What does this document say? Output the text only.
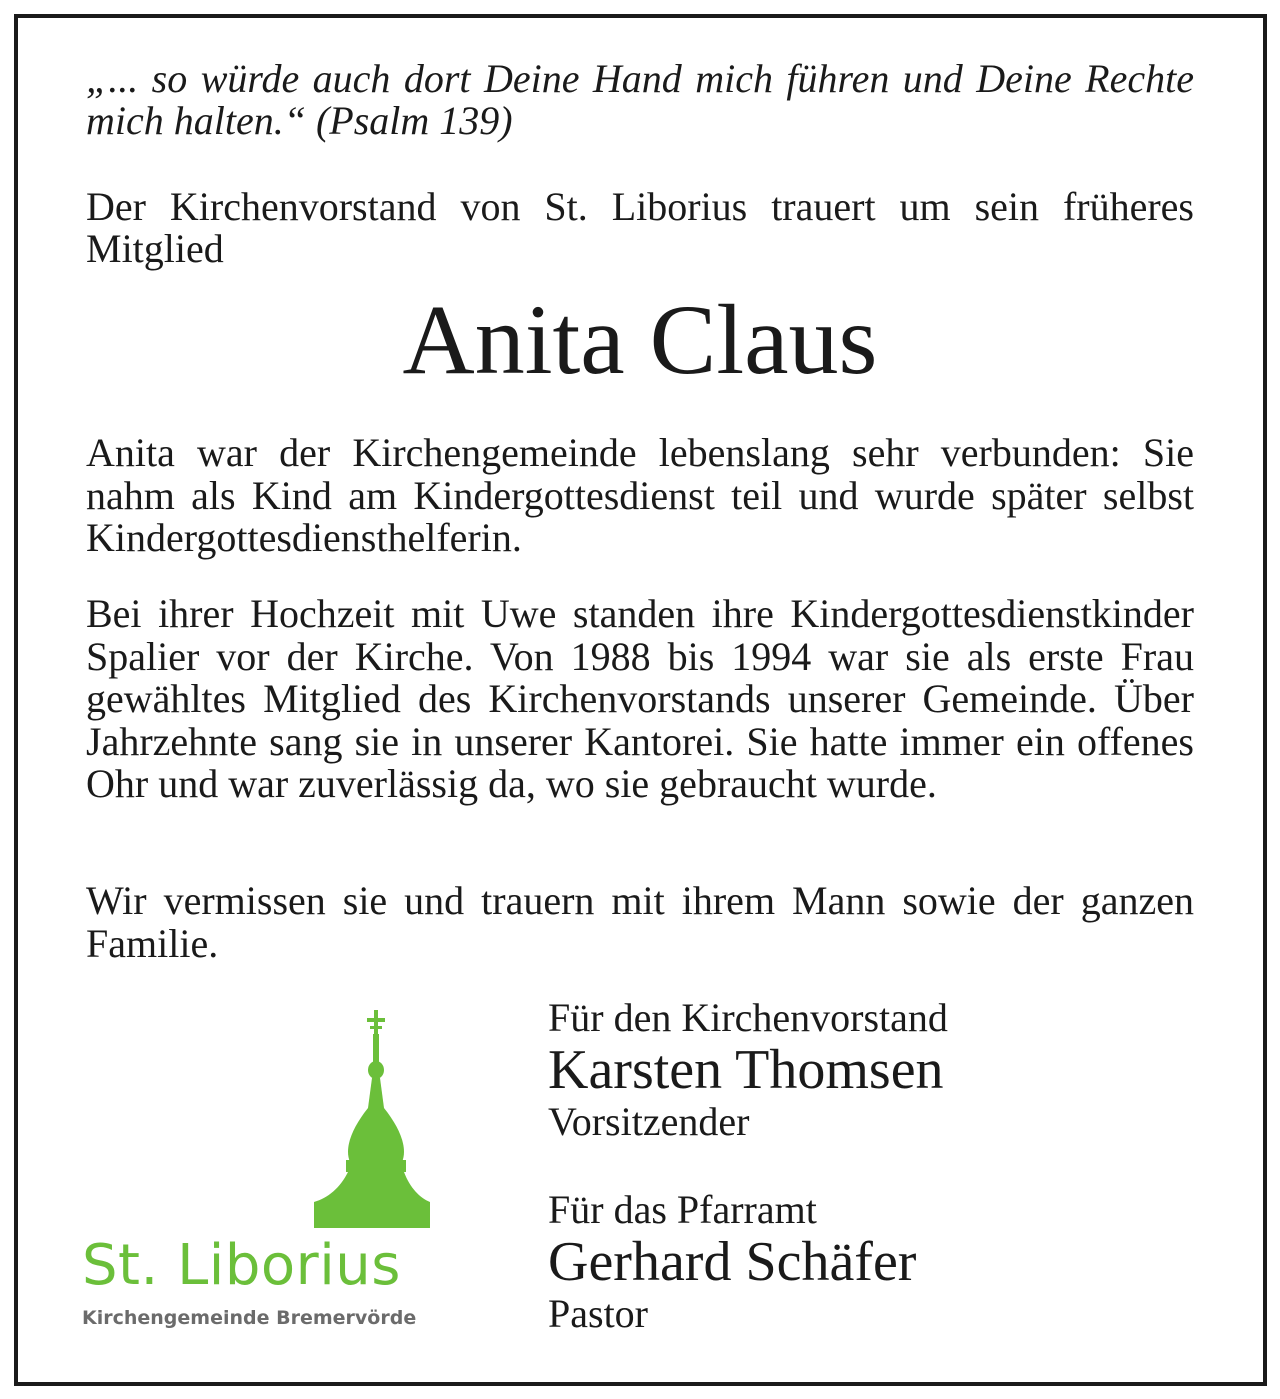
„... so würde auch dort Deine Hand mich führen und Deine Rechte mich halten.“ (Psalm 139)
Der Kirchenvorstand von St. Liborius trauert um sein früheres Mitglied
Anita Claus
Anita war der Kirchengemeinde lebenslang sehr verbunden: Sie nahm als Kind am Kindergottesdienst teil und wurde später selbst Kindergottesdiensthelferin.
Bei ihrer Hochzeit mit Uwe standen ihre Kindergottesdienstkinder Spalier vor der Kirche. Von 1988 bis 1994 war sie als erste Frau gewähltes Mitglied des Kirchenvorstands unserer Gemeinde. Über Jahrzehnte sang sie in unserer Kantorei. Sie hatte immer ein offenes Ohr und war zuverlässig da, wo sie gebraucht wurde.
Wir vermissen sie und trauern mit ihrem Mann sowie der ganzen Familie.
St. Liborius
Kirchengemeinde Bremervörde
Für den Kirchenvorstand
Karsten Thomsen
Vorsitzender
Für das Pfarramt
Gerhard Schäfer
Pastor
